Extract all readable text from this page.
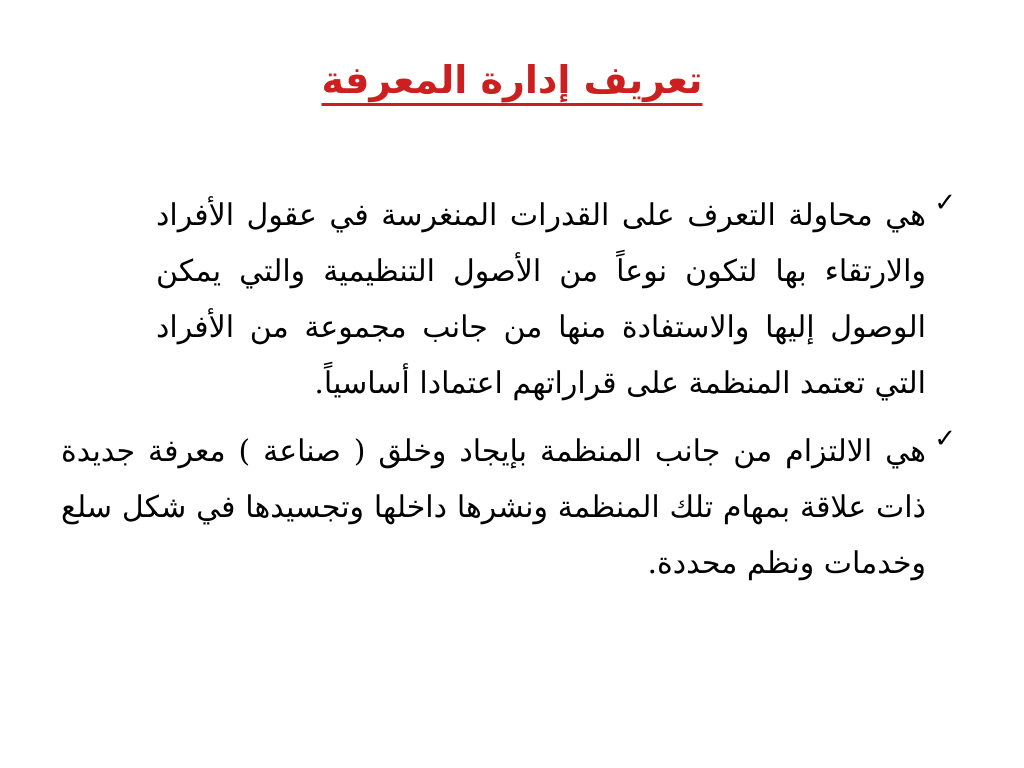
تعريف إدارة المعرفة
✓
هي محاولة التعرف على القدرات المنغرسة في عقول الأفراد والارتقاء بها لتكون نوعاً من الأصول التنظيمية والتي يمكن الوصول إليها والاستفادة منها من جانب مجموعة من الأفراد التي تعتمد المنظمة على قراراتهم اعتمادا أساسياً.
✓
هي الالتزام من جانب المنظمة بإيجاد وخلق ( صناعة ) معرفة جديدة ذات علاقة بمهام تلك المنظمة ونشرها داخلها وتجسيدها في شكل سلع وخدمات ونظم محددة.
